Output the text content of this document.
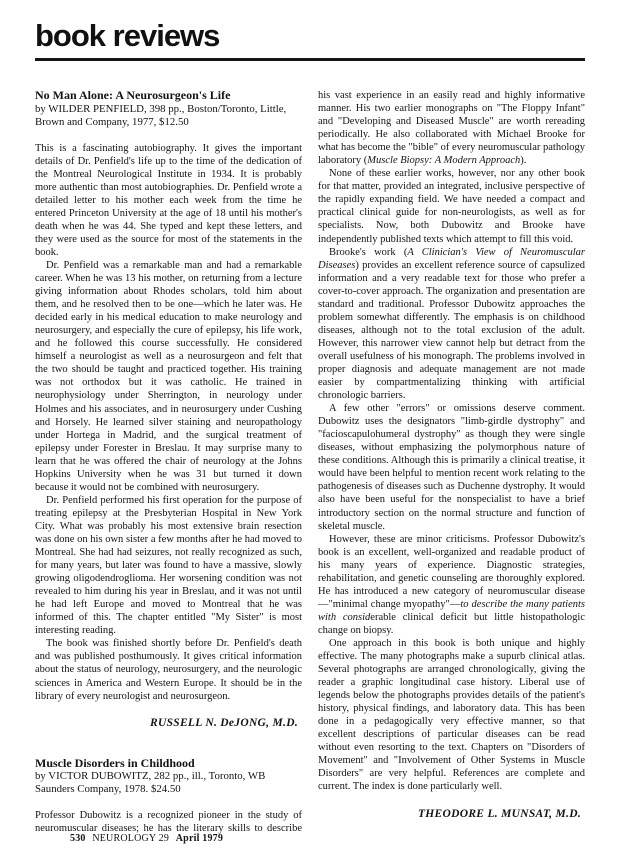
book reviews

No Man Alone: A Neurosurgeon's Life

by WILDER PENFIELD, 398 pp., Boston/Toronto, Little, Brown and Company, 1977, $12.50

This is a fascinating autobiography. It gives the important details of Dr. Penfield's life up to the time of the dedication of the Montreal Neurological Institute in 1934. It is probably more authentic than most autobiographies. Dr. Penfield wrote a detailed letter to his mother each week from the time he entered Princeton University at the age of 18 until his mother's death when he was 44. She typed and kept these letters, and they were used as the source for most of the statements in the book.

Dr. Penfield was a remarkable man and had a remarkable career. When he was 13 his mother, on returning from a lecture giving information about Rhodes scholars, told him about them, and he resolved then to be one—which he later was. He decided early in his medical education to make neurology and neurosurgery, and especially the cure of epilepsy, his life work, and he followed this course successfully. He considered himself a neurologist as well as a neurosurgeon and felt that the two should be taught and practiced together. His training was not orthodox but it was catholic. He trained in neurophysiology under Sherrington, in neurology under Holmes and his associates, and in neurosurgery under Cushing and Horsely. He learned silver staining and neuropathology under Hortega in Madrid, and the surgical treatment of epilepsy under Forester in Breslau. It may surprise many to learn that he was offered the chair of neurology at the Johns Hopkins University when he was 31 but turned it down because it would not be combined with neurosurgery.

Dr. Penfield performed his first operation for the purpose of treating epilepsy at the Presbyterian Hospital in New York City. What was probably his most extensive brain resection was done on his own sister a few months after he had moved to Montreal. She had had seizures, not really recognized as such, for many years, but later was found to have a massive, slowly growing oligodendroglioma. Her worsening condition was not revealed to him during his year in Breslau, and it was not until he had left Europe and moved to Montreal that he was informed of this. The chapter entitled "My Sister" is most interesting reading.

The book was finished shortly before Dr. Penfield's death and was published posthumously. It gives critical information about the status of neurology, neurosurgery, and the neurologic sciences in America and Western Europe. It should be in the library of every neurologist and neurosurgeon.

RUSSELL N. DeJONG, M.D.

Muscle Disorders in Childhood

by VICTOR DUBOWITZ, 282 pp., ill., Toronto, WB Saunders Company, 1978. $24.50

Professor Dubowitz is a recognized pioneer in the study of neuromuscular diseases; he has the literary skills to describe his vast experience in an easily read and highly informative manner. His two earlier monographs on "The Floppy Infant" and "Developing and Diseased Muscle" are worth rereading periodically. He also collaborated with Michael Brooke for what has become the "bible" of every neuromuscular pathology laboratory (Muscle Biopsy: A Modern Approach).

None of these earlier works, however, nor any other book for that matter, provided an integrated, inclusive perspective of the rapidly expanding field. We have needed a compact and practical clinical guide for non-neurologists, as well as for specialists. Now, both Dubowitz and Brooke have independently published texts which attempt to fill this void.

Brooke's work (A Clinician's View of Neuromuscular Diseases) provides an excellent reference source of capsulized information and a very readable text for those who prefer a cover-to-cover approach. The organization and presentation are standard and traditional. Professor Dubowitz approaches the problem somewhat differently. The emphasis is on childhood diseases, although not to the total exclusion of the adult. However, this narrower view cannot help but detract from the overall usefulness of his monograph. The problems involved in proper diagnosis and adequate management are not made easier by compartmentalizing thinking with artificial chronologic barriers.

A few other "errors" or omissions deserve comment. Dubowitz uses the designators "limb-girdle dystrophy" and "facioscapulohumeral dystrophy" as though they were single diseases, without emphasizing the polymorphous nature of these conditions. Although this is primarily a clinical treatise, it would have been helpful to mention recent work relating to the pathogenesis of diseases such as Duchenne dystrophy. It would also have been useful for the nonspecialist to have a brief introductory section on the normal structure and function of skeletal muscle.

However, these are minor criticisms. Professor Dubowitz's book is an excellent, well-organized and readable product of his many years of experience. Diagnostic strategies, rehabilitation, and genetic counseling are thoroughly explored. He has introduced a new category of neuromuscular disease—"minimal change myopathy"—to describe the many patients with considerable clinical deficit but little histopathologic change on biopsy.

One approach in this book is both unique and highly effective. The many photographs make a supurb clinical atlas. Several photographs are arranged chronologically, giving the reader a graphic longitudinal case history. Liberal use of legends below the photographs provides details of the patient's history, physical findings, and laboratory data. This has been done in a pedagogically very effective manner, so that excellent descriptions of particular diseases can be read without even resorting to the text. Chapters on "Disorders of Movement" and "Involvement of Other Systems in Muscle Disorders" are very helpful. References are complete and current. The index is done particularly well.

THEODORE L. MUNSAT, M.D.

530 NEUROLOGY 29 April 1979
